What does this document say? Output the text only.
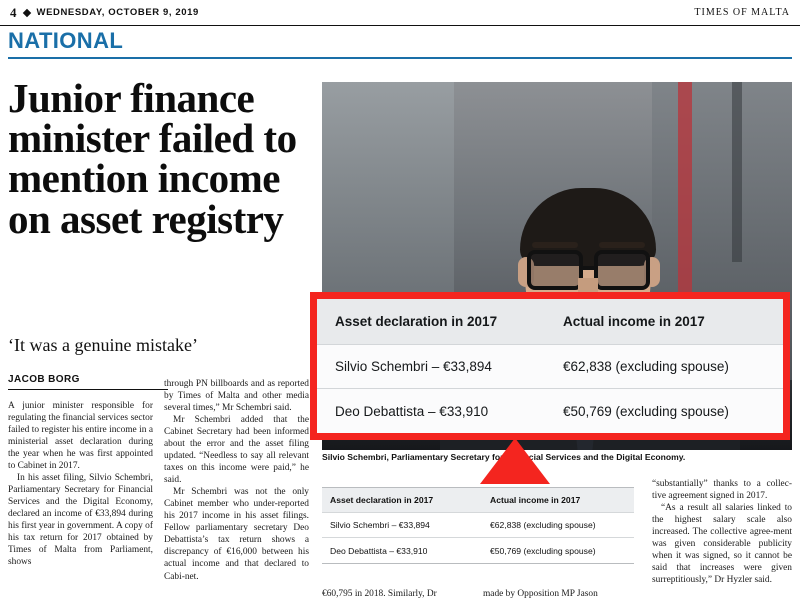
4 WEDNESDAY, OCTOBER 9, 2019	TIMES OF MALTA
NATIONAL
Junior finance minister failed to mention income on asset registry
‘It was a genuine mistake’
JACOB BORG

A junior minister responsible for regulating the financial services sector failed to register his entire income in a ministerial asset declaration during the year when he was first appointed to Cabinet in 2017.

In his asset filing, Silvio Schembri, Parliamentary Secretary for Financial Services and the Digital Economy, declared an income of €33,894 during his first year in government. A copy of his tax return for 2017 obtained by Times of Malta from Parliament, shows

through PN billboards and as reported by Times of Malta and other media several times,” Mr Schembri said.

Mr Schembri added that the Cabinet Secretary had been informed about the error and the asset filing updated. “Needless to say all relevant taxes on this income were paid,” he said.

Mr Schembri was not the only Cabinet member who under-reported his 2017 income in his asset filings. Fellow parliamentary secretary Deo Debattista’s tax return shows a discrepancy of €16,000 between his actual income and that declared to Cabi-net.

“substantially” thanks to a collec-tive agreement signed in 2017.

“As a result all salaries linked to the highest salary scale also increased. The collective agree-ment was given considerable publicity when it was signed, so it cannot be said that increases were given surreptitiously,” Dr Hyzler said.

€60,795 in 2018. Similarly, Dr	made by Opposition MP Jason
Silvio Schembri, Parliamentary Secretary for Financial Services and the Digital Economy.
Asset declaration in 2017	Actual income in 2017
Silvio Schembri – €33,894	€62,838 (excluding spouse)
Deo Debattista – €33,910	€50,769 (excluding spouse)
Asset declaration in 2017	Actual income in 2017
Silvio Schembri – €33,894	€62,838 (excluding spouse)
Deo Debattista – €33,910	€50,769 (excluding spouse)
